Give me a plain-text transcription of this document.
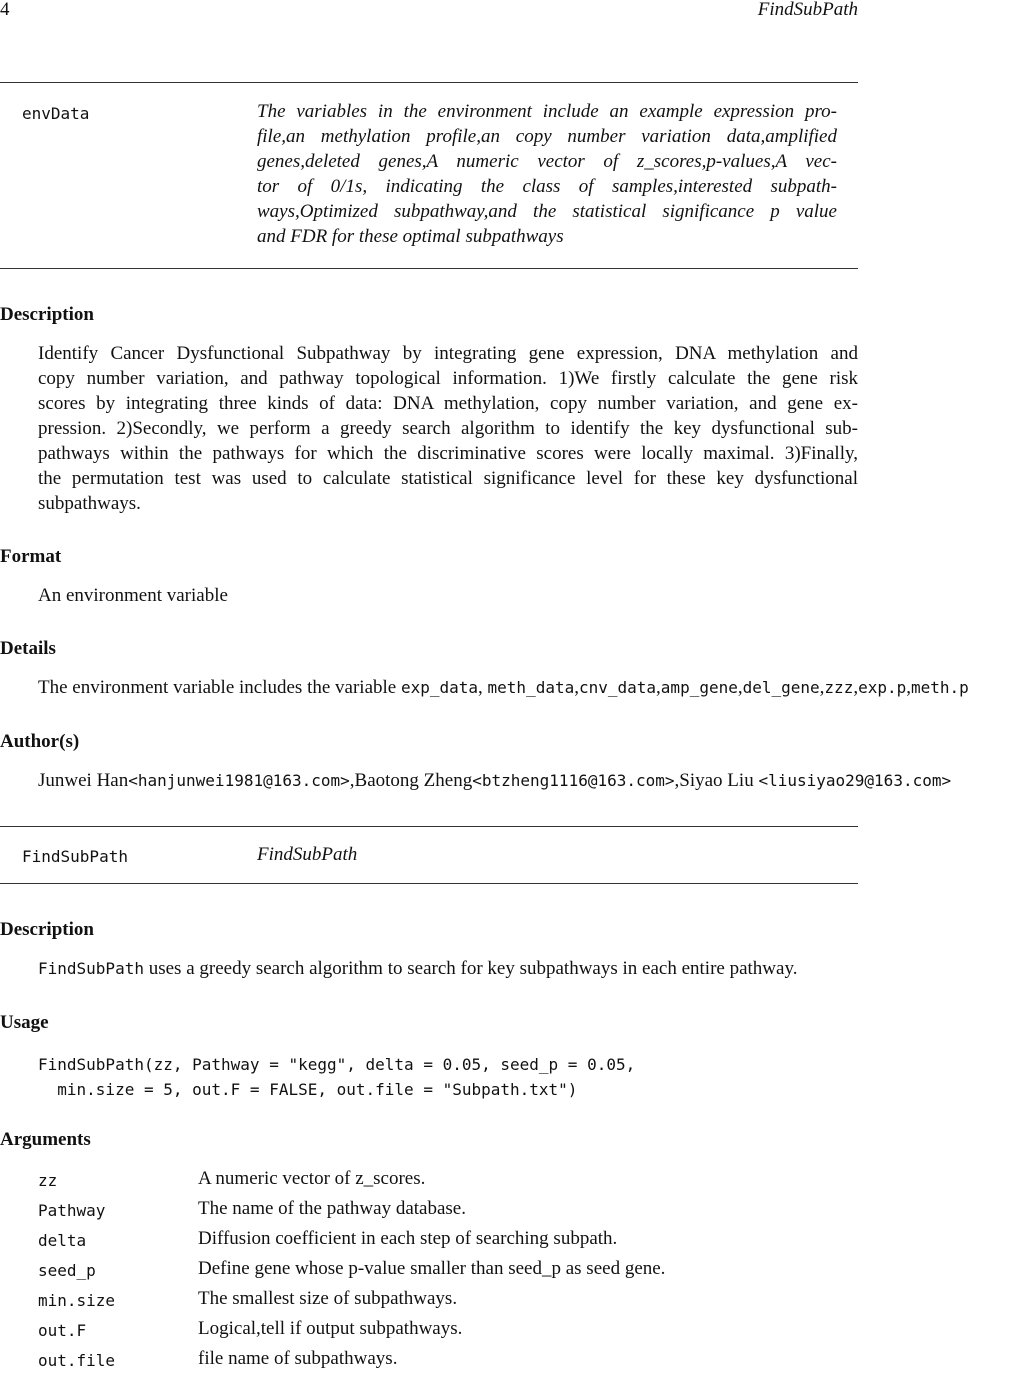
4	FindSubPath
envData	The variables in the environment include an example expression pro-
file,an methylation profile,an copy number variation data,amplified
genes,deleted genes,A numeric vector of z_scores,p-values,A vec-
tor of 0/1s, indicating the class of samples,interested subpath-
ways,Optimized subpathway,and the statistical significance p value
and FDR for these optimal subpathways
Description
Identify Cancer Dysfunctional Subpathway by integrating gene expression, DNA methylation and
copy number variation, and pathway topological information. 1)We firstly calculate the gene risk
scores by integrating three kinds of data: DNA methylation, copy number variation, and gene ex-
pression. 2)Secondly, we perform a greedy search algorithm to identify the key dysfunctional sub-
pathways within the pathways for which the discriminative scores were locally maximal. 3)Finally,
the permutation test was used to calculate statistical significance level for these key dysfunctional
subpathways.
Format
An environment variable
Details
The environment variable includes the variable exp_data, meth_data,cnv_data,amp_gene,del_gene,zzz,exp.p,meth.p
Author(s)
Junwei Han<hanjunwei1981@163.com>,Baotong Zheng<btzheng1116@163.com>,Siyao Liu <liusiyao29@163.com>
FindSubPath	FindSubPath
Description
FindSubPath uses a greedy search algorithm to search for key subpathways in each entire pathway.
Usage
FindSubPath(zz, Pathway = "kegg", delta = 0.05, seed_p = 0.05,
min.size = 5, out.F = FALSE, out.file = "Subpath.txt")
Arguments
zz	A numeric vector of z_scores.
Pathway	The name of the pathway database.
delta	Diffusion coefficient in each step of searching subpath.
seed_p	Define gene whose p-value smaller than seed_p as seed gene.
min.size	The smallest size of subpathways.
out.F	Logical,tell if output subpathways.
out.file	file name of subpathways.
